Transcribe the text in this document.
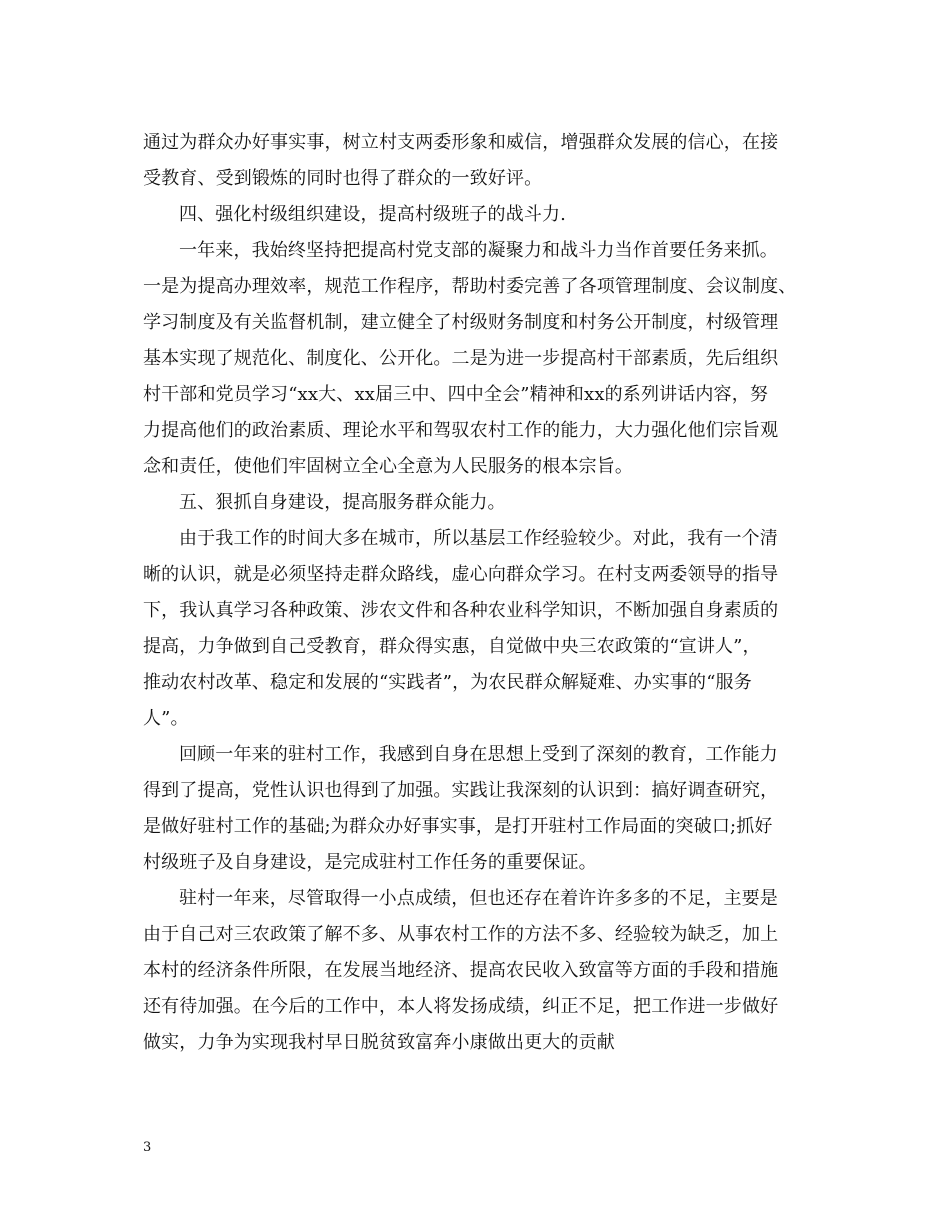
通过为群众办好事实事，树立村支两委形象和威信，增强群众发展的信心，在接
受教育、受到锻炼的同时也得了群众的一致好评。
四、强化村级组织建设，提高村级班子的战斗力.
一年来，我始终坚持把提高村党支部的凝聚力和战斗力当作首要任务来抓。
一是为提高办理效率，规范工作程序，帮助村委完善了各项管理制度、会议制度、
学习制度及有关监督机制，建立健全了村级财务制度和村务公开制度，村级管理
基本实现了规范化、制度化、公开化。二是为进一步提高村干部素质，先后组织
村干部和党员学习“xx大、xx届三中、四中全会”精神和xx的系列讲话内容，努
力提高他们的政治素质、理论水平和驾驭农村工作的能力，大力强化他们宗旨观
念和责任，使他们牢固树立全心全意为人民服务的根本宗旨。
五、狠抓自身建设，提高服务群众能力。
由于我工作的时间大多在城市，所以基层工作经验较少。对此，我有一个清
晰的认识，就是必须坚持走群众路线，虚心向群众学习。在村支两委领导的指导
下，我认真学习各种政策、涉农文件和各种农业科学知识，不断加强自身素质的
提高，力争做到自己受教育，群众得实惠，自觉做中央三农政策的“宣讲人”，
推动农村改革、稳定和发展的“实践者”，为农民群众解疑难、办实事的“服务
人”。
回顾一年来的驻村工作，我感到自身在思想上受到了深刻的教育，工作能力
得到了提高，党性认识也得到了加强。实践让我深刻的认识到：搞好调查研究，
是做好驻村工作的基础;为群众办好事实事，是打开驻村工作局面的突破口;抓好
村级班子及自身建设，是完成驻村工作任务的重要保证。
驻村一年来，尽管取得一小点成绩，但也还存在着许许多多的不足，主要是
由于自己对三农政策了解不多、从事农村工作的方法不多、经验较为缺乏，加上
本村的经济条件所限，在发展当地经济、提高农民收入致富等方面的手段和措施
还有待加强。在今后的工作中，本人将发扬成绩，纠正不足，把工作进一步做好
做实，力争为实现我村早日脱贫致富奔小康做出更大的贡献
3
